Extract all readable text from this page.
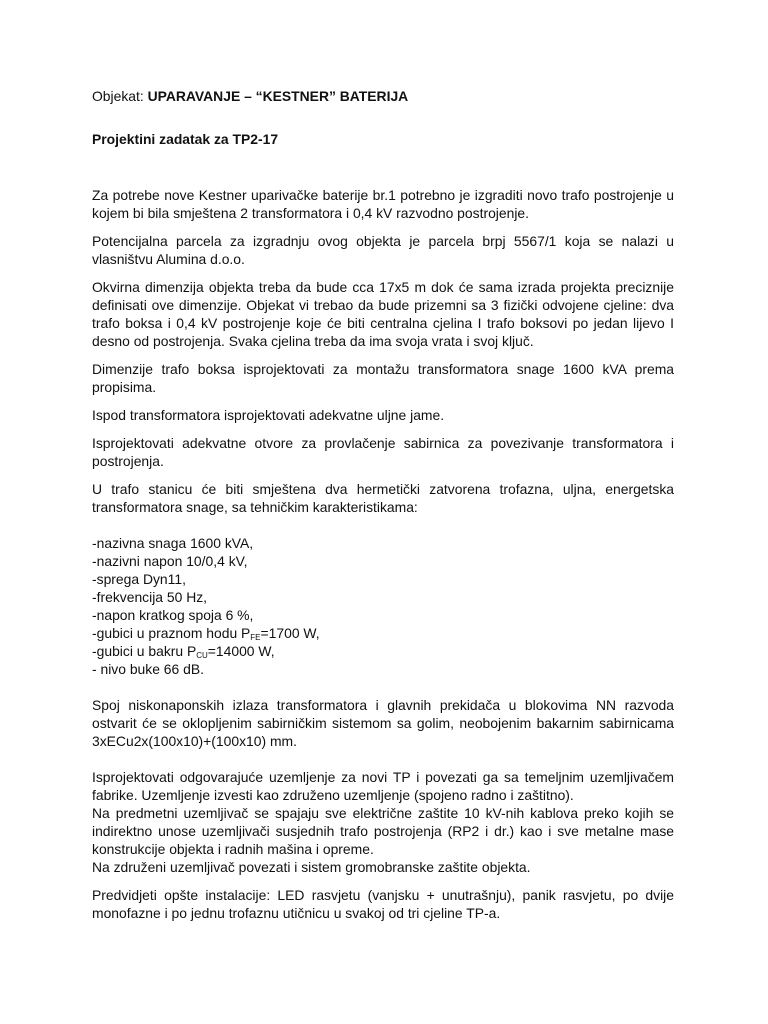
Objekat: UPARAVANJE – “KESTNER” BATERIJA

Projektini zadatak za TP2-17

Za potrebe nove Kestner uparivačke baterije br.1 potrebno je izgraditi novo trafo postrojenje u kojem bi bila smještena 2 transformatora i 0,4 kV razvodno postrojenje.

Potencijalna parcela za izgradnju ovog objekta je parcela brpj 5567/1 koja se nalazi u vlasništvu Alumina d.o.o.

Okvirna dimenzija objekta treba da bude cca 17x5 m dok će sama izrada projekta preciznije definisati ove dimenzije. Objekat vi trebao da bude prizemni sa 3 fizički odvojene cjeline: dva trafo boksa i 0,4 kV postrojenje koje će biti centralna cjelina I trafo boksovi po jedan lijevo I desno od postrojenja. Svaka cjelina treba da ima svoja vrata i svoj ključ.

Dimenzije trafo boksa isprojektovati za montažu transformatora snage 1600 kVA prema propisima.

Ispod transformatora isprojektovati adekvatne uljne jame.

Isprojektovati adekvatne otvore za provlačenje sabirnica za povezivanje transformatora i postrojenja.

U trafo stanicu će biti smještena dva hermetički zatvorena trofazna, uljna, energetska transformatora snage, sa tehničkim karakteristikama:

-nazivna snaga 1600 kVA,
-nazivni napon 10/0,4 kV,
-sprega Dyn11,
-frekvencija 50 Hz,
-napon kratkog spoja 6 %,
-gubici u praznom hodu $P_{FE}=1700$ W,
-gubici u bakru $P_{CU}=14000$ W,
- nivo buke 66 dB.

Spoj niskonaponskih izlaza transformatora i glavnih prekidača u blokovima NN razvoda ostvarit će se oklopljenim sabirničkim sistemom sa golim, neobojenim bakarnim sabirnicama 3xECu2x(100x10)+(100x10) mm.

Isprojektovati odgovarajuće uzemljenje za novi TP i povezati ga sa temeljnim uzemljivačem fabrike. Uzemljenje izvesti kao združeno uzemljenje (spojeno radno i zaštitno).

Na predmetni uzemljivač se spajaju sve električne zaštite 10 kV-nih kablova preko kojih se indirektno unose uzemljivači susjednih trafo postrojenja (RP2 i dr.) kao i sve metalne mase konstrukcije objekta i radnih mašina i opreme.

Na združeni uzemljivač povezati i sistem gromobranske zaštite objekta.

Predvidjeti opšte instalacije: LED rasvjetu (vanjsku + unutrašnju), panik rasvjetu, po dvije monofazne i po jednu trofaznu utičnicu u svakoj od tri cjeline TP-a.
